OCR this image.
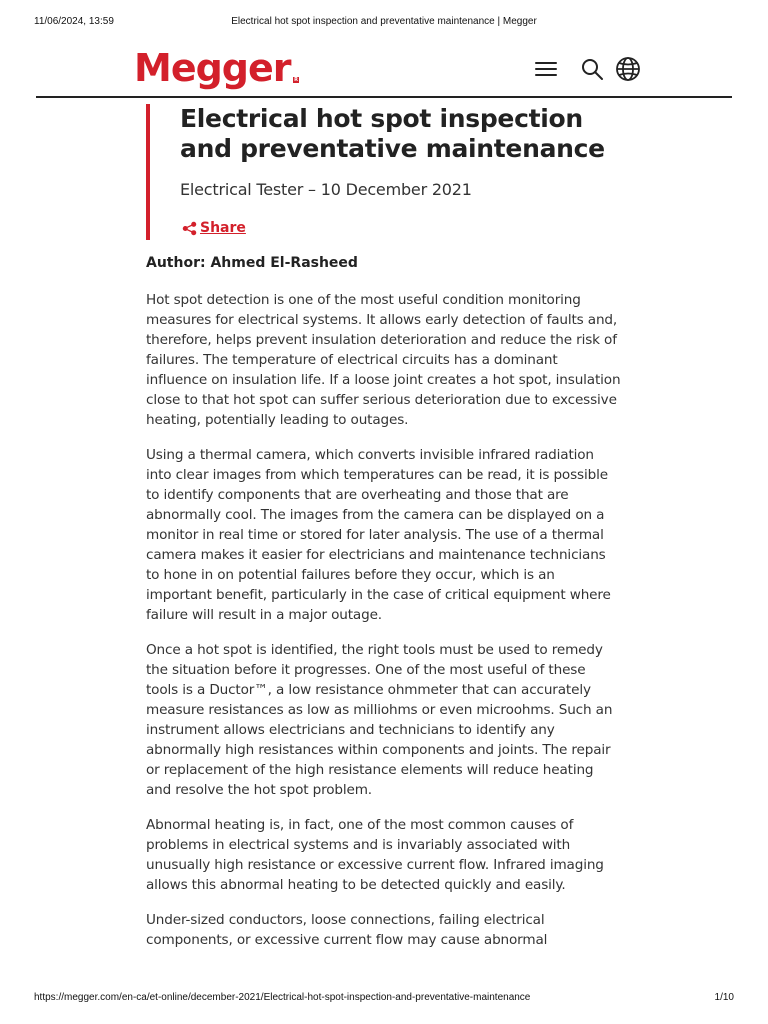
11/06/2024, 13:59	Electrical hot spot inspection and preventative maintenance | Megger
Megger R
Electrical hot spot inspection and preventative maintenance
Electrical Tester – 10 December 2021
Share
Author: Ahmed El-Rasheed

Hot spot detection is one of the most useful condition monitoring measures for electrical systems. It allows early detection of faults and, therefore, helps prevent insulation deterioration and reduce the risk of failures. The temperature of electrical circuits has a dominant influence on insulation life. If a loose joint creates a hot spot, insulation close to that hot spot can suffer serious deterioration due to excessive heating, potentially leading to outages.

Using a thermal camera, which converts invisible infrared radiation into clear images from which temperatures can be read, it is possible to identify components that are overheating and those that are abnormally cool. The images from the camera can be displayed on a monitor in real time or stored for later analysis. The use of a thermal camera makes it easier for electricians and maintenance technicians to hone in on potential failures before they occur, which is an important benefit, particularly in the case of critical equipment where failure will result in a major outage.

Once a hot spot is identified, the right tools must be used to remedy the situation before it progresses. One of the most useful of these tools is a Ductor™, a low resistance ohmmeter that can accurately measure resistances as low as milliohms or even microohms. Such an instrument allows electricians and technicians to identify any abnormally high resistances within components and joints. The repair or replacement of the high resistance elements will reduce heating and resolve the hot spot problem.

Abnormal heating is, in fact, one of the most common causes of problems in electrical systems and is invariably associated with unusually high resistance or excessive current flow. Infrared imaging allows this abnormal heating to be detected quickly and easily.

Under-sized conductors, loose connections, failing electrical components, or excessive current flow may cause abnormal

https://megger.com/en-ca/et-online/december-2021/Electrical-hot-spot-inspection-and-preventative-maintenance	1/10
